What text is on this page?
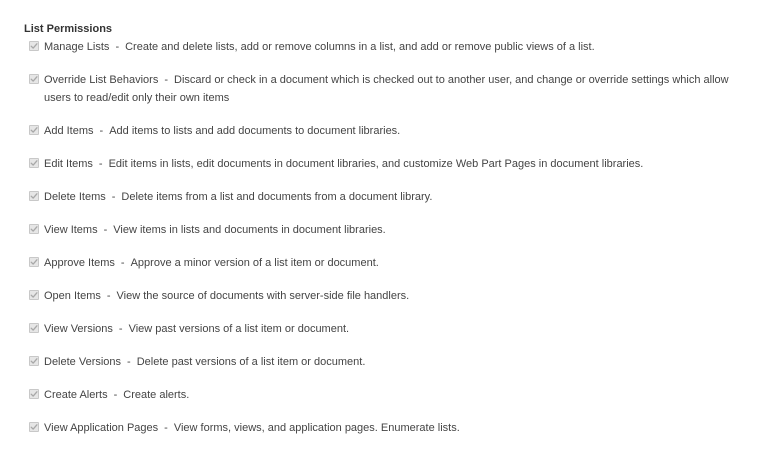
List Permissions
Manage Lists - Create and delete lists, add or remove columns in a list, and add or remove public views of a list.
Override List Behaviors - Discard or check in a document which is checked out to another user, and change or override settings which allow users to read/edit only their own items
Add Items - Add items to lists and add documents to document libraries.
Edit Items - Edit items in lists, edit documents in document libraries, and customize Web Part Pages in document libraries.
Delete Items - Delete items from a list and documents from a document library.
View Items - View items in lists and documents in document libraries.
Approve Items - Approve a minor version of a list item or document.
Open Items - View the source of documents with server-side file handlers.
View Versions - View past versions of a list item or document.
Delete Versions - Delete past versions of a list item or document.
Create Alerts - Create alerts.
View Application Pages - View forms, views, and application pages. Enumerate lists.
